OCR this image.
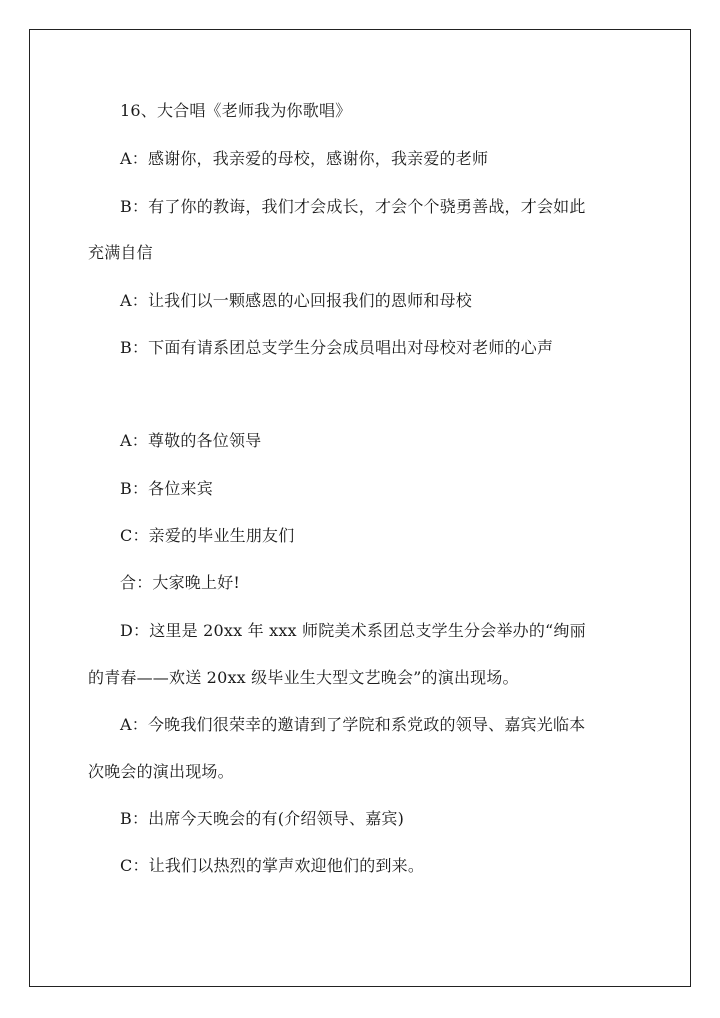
16、大合唱《老师我为你歌唱》
A：感谢你，我亲爱的母校，感谢你，我亲爱的老师
B：有了你的教诲，我们才会成长，才会个个骁勇善战，才会如此
充满自信
A：让我们以一颗感恩的心回报我们的恩师和母校
B：下面有请系团总支学生分会成员唱出对母校对老师的心声
A：尊敬的各位领导
B：各位来宾
C：亲爱的毕业生朋友们
合：大家晚上好!
D：这里是 20xx 年 xxx 师院美术系团总支学生分会举办的“绚丽
的青春——欢送 20xx 级毕业生大型文艺晚会”的演出现场。
A：今晚我们很荣幸的邀请到了学院和系党政的领导、嘉宾光临本
次晚会的演出现场。
B：出席今天晚会的有(介绍领导、嘉宾)
C：让我们以热烈的掌声欢迎他们的到来。
